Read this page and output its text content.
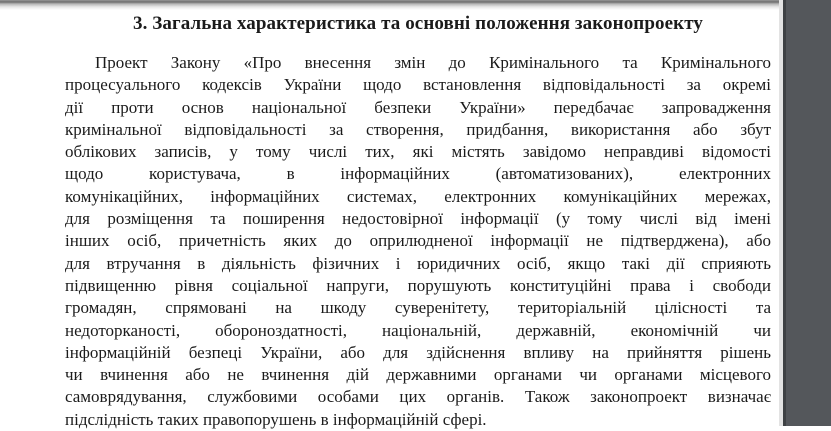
3. Загальна характеристика та основні положення законопроекту
Проект Закону «Про внесення змін до Кримінального та Кримінального
процесуального кодексів України щодо встановлення відповідальності за окремі
дії проти основ національної безпеки України» передбачає запровадження
кримінальної відповідальності за створення, придбання, використання або збут
облікових записів, у тому числі тих, які містять завідомо неправдиві відомості
щодо користувача, в інформаційних (автоматизованих), електронних
комунікаційних, інформаційних системах, електронних комунікаційних мережах,
для розміщення та поширення недостовірної інформації (у тому числі від імені
інших осіб, причетність яких до оприлюдненої інформації не підтверджена), або
для втручання в діяльність фізичних і юридичних осіб, якщо такі дії сприяють
підвищенню рівня соціальної напруги, порушують конституційні права і свободи
громадян, спрямовані на шкоду суверенітету, територіальній цілісності та
недоторканості, обороноздатності, національній, державній, економічній чи
інформаційній безпеці України, або для здійснення впливу на прийняття рішень
чи вчинення або не вчинення дій державними органами чи органами місцевого
самоврядування, службовими особами цих органів. Також законопроект визначає
підслідність таких правопорушень в інформаційній сфері.
